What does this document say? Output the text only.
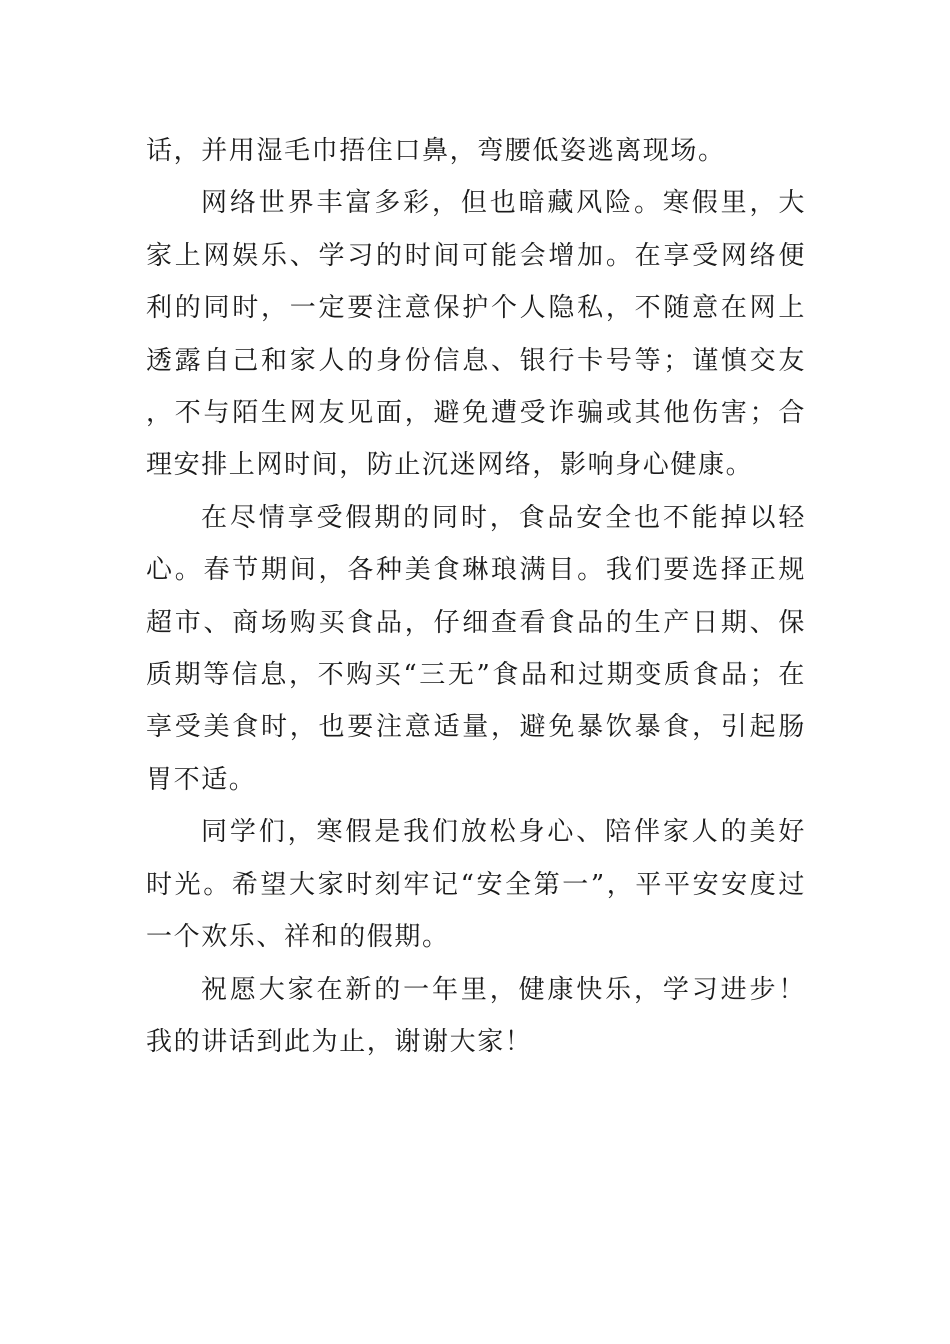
话，并用湿毛巾捂住口鼻，弯腰低姿逃离现场。

网络世界丰富多彩，但也暗藏风险。寒假里，大家上网娱乐、学习的时间可能会增加。在享受网络便利的同时，一定要注意保护个人隐私，不随意在网上透露自己和家人的身份信息、银行卡号等；谨慎交友，不与陌生网友见面，避免遭受诈骗或其他伤害；合理安排上网时间，防止沉迷网络，影响身心健康。

在尽情享受假期的同时，食品安全也不能掉以轻心。春节期间，各种美食琳琅满目。我们要选择正规超市、商场购买食品，仔细查看食品的生产日期、保质期等信息，不购买“三无”食品和过期变质食品；在享受美食时，也要注意适量，避免暴饮暴食，引起肠胃不适。

同学们，寒假是我们放松身心、陪伴家人的美好时光。希望大家时刻牢记“安全第一”，平平安安度过一个欢乐、祥和的假期。

祝愿大家在新的一年里，健康快乐，学习进步！我的讲话到此为止，谢谢大家！
